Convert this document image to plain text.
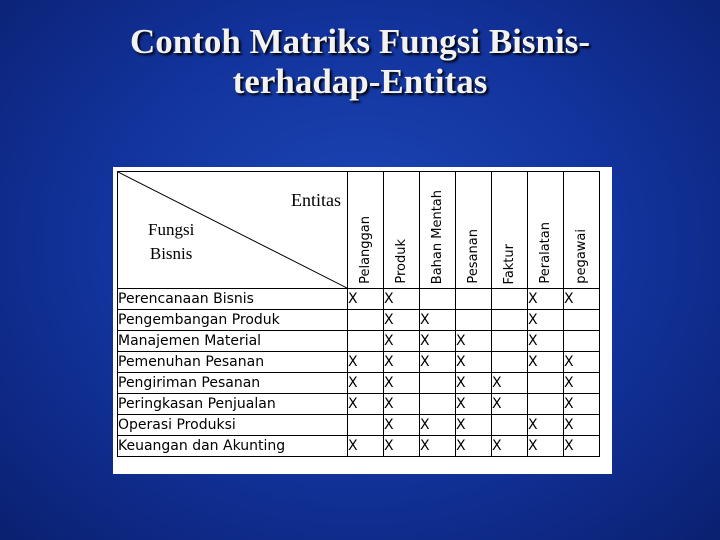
Contoh Matriks Fungsi Bisnis-
terhadap-Entitas
Entitas
Fungsi
Bisnis	Pelanggan	Produk	Bahan Mentah	Pesanan	Faktur	Peralatan	pegawai

Perencanaan Bisnis	X	X				X	X
Pengembangan Produk		X	X			X	
Manajemen Material		X	X	X		X	
Pemenuhan Pesanan	X	X	X	X		X	X
Pengiriman Pesanan	X	X		X	X		X
Peringkasan Penjualan	X	X		X	X		X
Operasi Produksi		X	X	X		X	X
Keuangan dan Akunting	X	X	X	X	X	X	X
